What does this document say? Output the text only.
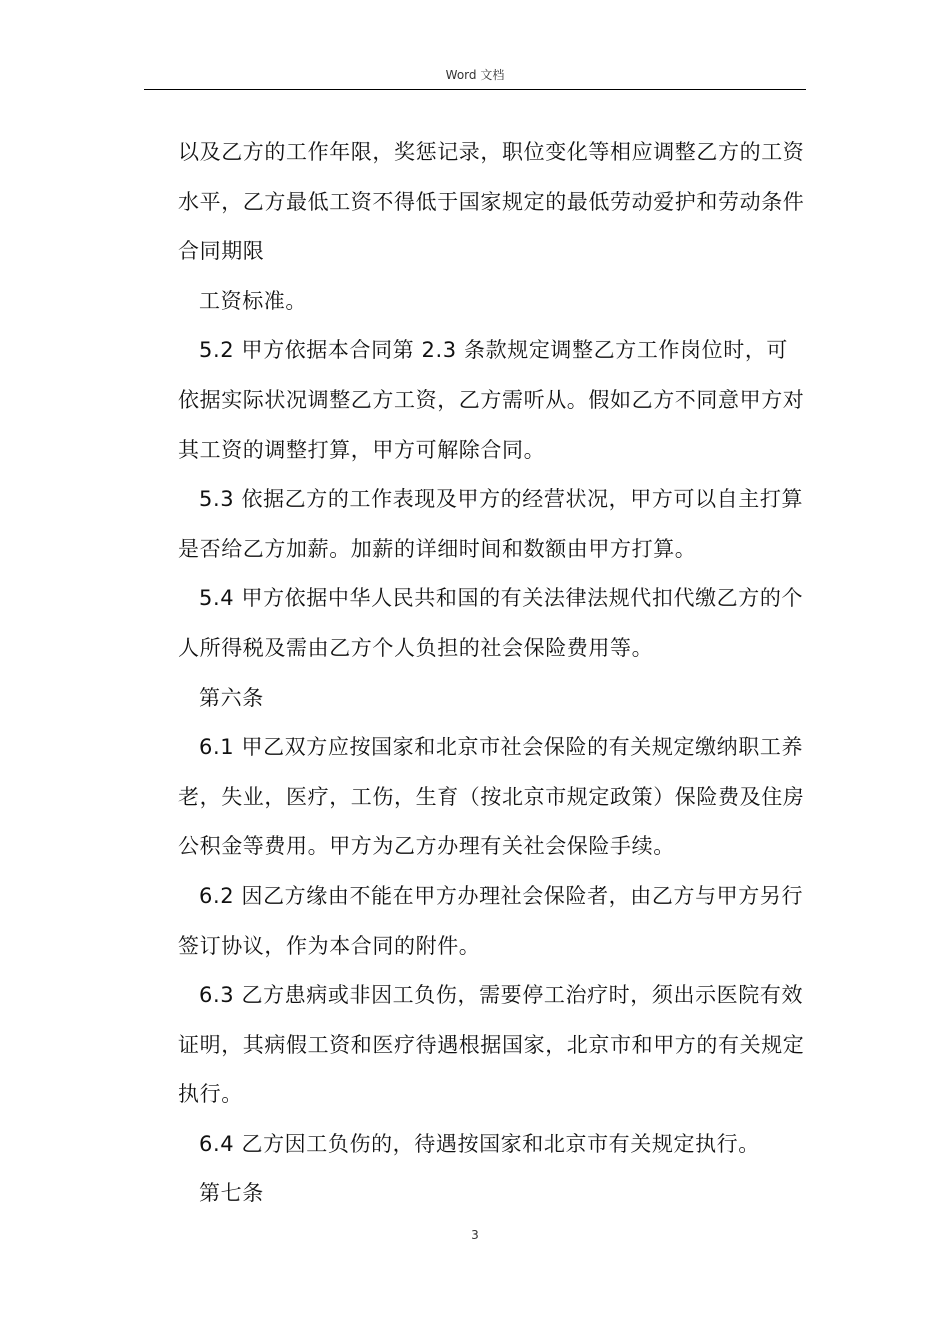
Word 文档

以及乙方的工作年限，奖惩记录，职位变化等相应调整乙方的工资水平，乙方最低工资不得低于国家规定的最低劳动爱护和劳动条件合同期限

工资标准。

5.2 甲方依据本合同第 2.3 条款规定调整乙方工作岗位时，可依据实际状况调整乙方工资，乙方需听从。假如乙方不同意甲方对其工资的调整打算，甲方可解除合同。

5.3 依据乙方的工作表现及甲方的经营状况，甲方可以自主打算是否给乙方加薪。加薪的详细时间和数额由甲方打算。

5.4 甲方依据中华人民共和国的有关法律法规代扣代缴乙方的个人所得税及需由乙方个人负担的社会保险费用等。

第六条

6.1 甲乙双方应按国家和北京市社会保险的有关规定缴纳职工养老，失业，医疗，工伤，生育（按北京市规定政策）保险费及住房公积金等费用。甲方为乙方办理有关社会保险手续。

6.2 因乙方缘由不能在甲方办理社会保险者，由乙方与甲方另行签订协议，作为本合同的附件。

6.3 乙方患病或非因工负伤，需要停工治疗时，须出示医院有效证明，其病假工资和医疗待遇根据国家，北京市和甲方的有关规定执行。

6.4 乙方因工负伤的，待遇按国家和北京市有关规定执行。

第七条

3
